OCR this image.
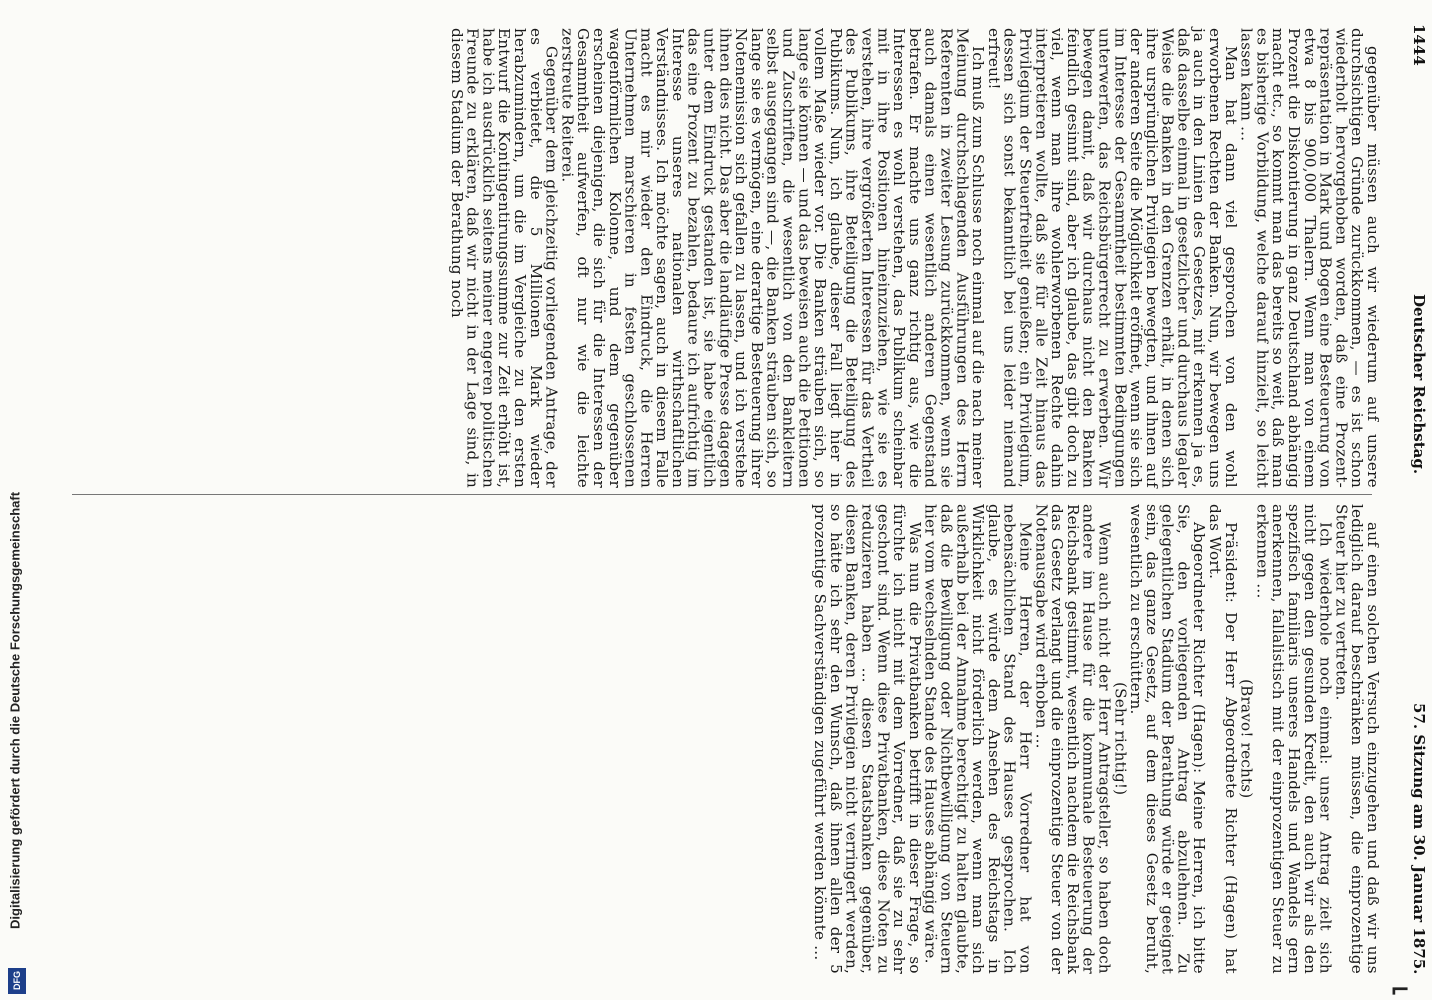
1444
Deutscher Reichstag.
57. Sitzung am 30. Januar 1875.

gegenüber müssen auch wir wiederum auf unsere durchsichtigen Gründe zurückkommen, — es ist schon wiederholt hervorgehoben worden, daß eine Prozent-repräsentation in Mark und Bogen eine Besteuerung von etwa 8 bis 900,000 Thalern. Wenn man von einem Prozent die Diskontierung in ganz Deutschland abhängig macht etc., so kommt man das bereits so weit, daß man es bisherige Vorbildung, welche darauf hinzielt, so leicht lassen kann ...

Man hat dann viel gesprochen von den wohl erworbenen Rechten der Banken. Nun, wir bewegen uns ja auch in den Linien des Gesetzes, mit erkennen ja es, daß dasselbe einmal in gesetzlicher und durchaus legaler Weise die Banken in den Grenzen erhält, in denen sich ihre ursprünglichen Privilegien bewegten, und ihnen auf der anderen Seite die Möglichkeit eröffnet, wenn sie sich im Interesse der Gesammtheit bestimmten Bedingungen unterwerfen, das Reichsbürgerrecht zu erwerben. Wir bewegen damit, daß wir durchaus nicht den Banken feindlich gesinnt sind, aber ich glaube, das gibt doch zu viel, wenn man ihre wohlerworbenen Rechte dahin interpretieren wollte, daß sie für alle Zeit hinaus das Privilegium der Steuerfreiheit genießen; ein Privilegium, dessen sich sonst bekanntlich bei uns leider niemand erfreut!

Ich muß zum Schlusse noch einmal auf die nach meiner Meinung durchschlagenden Ausführungen des Herrn Referenten in zweiter Lesung zurückkommen, wenn sie auch damals einen wesentlich anderen Gegenstand betrafen. Er machte uns ganz richtig aus, wie die Interessen es wohl verstehen, das Publikum scheinbar mit in ihre Positionen hineinzuziehen, wie sie es verstehen, ihre vergrößerten Interessen für das Vertheil des Publikums, ihre Beteiligung die Beteiligung des Publikums. Nun, ich glaube, dieser Fall liegt hier in vollem Maße wieder vor. Die Banken sträuben sich, so lange sie können — und das beweisen auch die Petitionen und Zuschriften, die wesentlich von den Bankleitern selbst ausgegangen sind —, die Banken sträuben sich, so lange sie es vermögen, eine derartige Besteuerung ihrer Notenemission sich gefallen zu lassen, und ich verstehe ihnen dies nicht. Das aber die landläufige Presse dagegen unter dem Eindruck gestanden ist, sie habe eigentlich das eine Prozent zu bezahlen, bedaure ich aufrichtig im Interesse unseres nationalen wirthschaftlichen Verständnisses. Ich möchte sagen, auch in diesem Falle macht es mir wieder den Eindruck, die Herren Unternehmen marschieren in festen geschlossenen wagenförmlichen Kolonne, und dem gegenüber erscheinen diejenigen, die sich für die Interessen der Gesammtheit aufwerfen, oft nur wie die leichte zerstreute Reiterei.

Gegenüber dem gleichzeitig vorliegenden Antrage, der es verbietet, die 5 Millionen Mark wieder herabzumindern, um die im Vergleiche zu den ersten Entwurf die Kontingentirungssumme zur Zeit erhöht ist, habe ich ausdrücklich seitens meiner engeren politischen Freunde zu erklären, daß wir nicht in der Lage sind, in diesem Stadium der Berathung noch

auf einen solchen Versuch einzugehen und daß wir uns lediglich darauf beschränken müssen, die einprozentige Steuer hier zu vertreten.

Ich wiederhole noch einmal: unser Antrag zielt sich nicht gegen den gesunden Kredit, den auch wir als den spezifisch familiaris unseres Handels und Wandels gern anerkennen, fallalistisch mit der einprozentigen Steuer zu erkennen ...

(Bravo! rechts)

Präsident: Der Herr Abgeordnete Richter (Hagen) hat das Wort.

Abgeordneter Richter (Hagen): Meine Herren, ich bitte Sie, den vorliegenden Antrag abzulehnen. Zu gelegentlichen Stadium der Berathung würde er geeignet sein, das ganze Gesetz, auf dem dieses Gesetz beruht, wesentlich zu erschüttern.

(Sehr richtig!)

Wenn auch nicht der Herr Antragsteller, so haben doch andere im Hause für die kommunale Besteuerung der Reichsbank gestimmt, wesentlich nachdem die Reichsbank das Gesetz verlangt und die einprozentige Steuer von der Notenausgabe wird erhoben ...

Meine Herren, der Herr Vorredner hat von nebensächlichen Stand des Hauses gesprochen. Ich glaube, es würde dem Ansehen des Reichstags in Wirklichkeit nicht förderlich werden, wenn man sich außerhalb bei der Annahme berechtigt zu halten glaubte, daß die Bewilligung oder Nichtbewilligung von Steuern hier vom wechselnden Stande des Hauses abhängig wäre.

Was nun die Privatbanken betrifft in dieser Frage, so fürchte ich nicht mit dem Vorredner, daß sie zu sehr geschont sind. Wenn diese Privatbanken, diese Noten zu reduzieren haben ... diesen Staatsbanken gegenüber, diesen Banken, deren Privilegien nicht verringert werden, so hätte ich sehr den Wunsch, daß ihnen allen der 5 prozentige Sachverständigen zugeführt werden könnte ...

Digitalisierung gefördert durch die Deutsche Forschungsgemeinschaft
DFG	⌐
